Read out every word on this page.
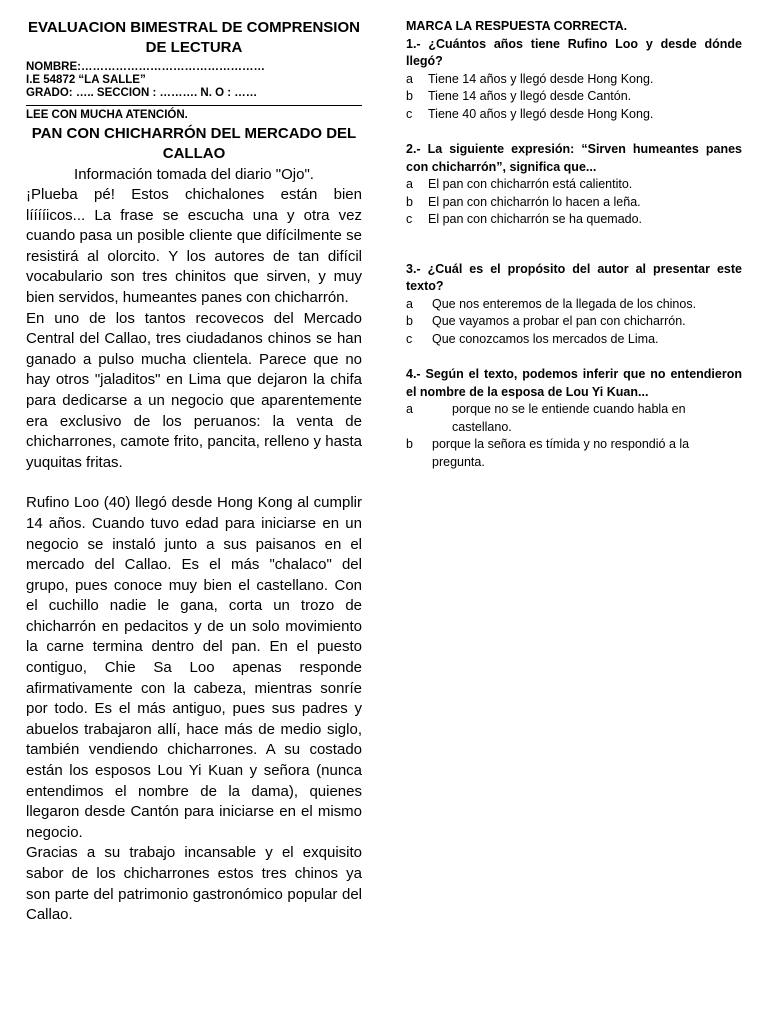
EVALUACION BIMESTRAL DE COMPRENSION DE LECTURA

NOMBRE:…………………………………………

I.E 54872 “LA SALLE”

GRADO: ….. SECCION : ………. N. O : ……

LEE CON MUCHA ATENCIÓN.

PAN CON CHICHARRÓN DEL MERCADO DEL CALLAO

Información tomada del diario "Ojo".

¡Plueba pé! Estos chichalones están bien lííííicos... La frase se escucha una y otra vez cuando pasa un posible cliente que difícilmente se resistirá al olorcito. Y los autores de tan difícil vocabulario son tres chinitos que sirven, y muy bien servidos, humeantes panes con chicharrón.

En uno de los tantos recovecos del Mercado Central del Callao, tres ciudadanos chinos se han ganado a pulso mucha clientela. Parece que no hay otros "jaladitos" en Lima que dejaron la chifa para dedicarse a un negocio que aparentemente era exclusivo de los peruanos: la venta de chicharrones, camote frito, pancita, relleno y hasta yuquitas fritas.

Rufino Loo (40) llegó desde Hong Kong al cumplir 14 años. Cuando tuvo edad para iniciarse en un negocio se instaló junto a sus paisanos en el mercado del Callao. Es el más "chalaco" del grupo, pues conoce muy bien el castellano. Con el cuchillo nadie le gana, corta un trozo de chicharrón en pedacitos y de un solo movimiento la carne termina dentro del pan. En el puesto contiguo, Chie Sa Loo apenas responde afirmativamente con la cabeza, mientras sonríe por todo. Es el más antiguo, pues sus padres y abuelos trabajaron allí, hace más de medio siglo, también vendiendo chicharrones. A su costado están los esposos Lou Yi Kuan y señora (nunca entendimos el nombre de la dama), quienes llegaron desde Cantón para iniciarse en el mismo negocio.

Gracias a su trabajo incansable y el exquisito sabor de los chicharrones estos tres chinos ya son parte del patrimonio gastronómico popular del Callao.

MARCA LA RESPUESTA CORRECTA.

1.- ¿Cuántos años tiene Rufino Loo y desde dónde llegó?

a	Tiene 14 años y llegó desde Hong Kong.
b	Tiene 14 años y llegó desde Cantón.
c	Tiene 40 años y llegó desde Hong Kong.

2.- La siguiente expresión: “Sirven humeantes panes con chicharrón”, significa que...

a	El pan con chicharrón está calientito.
b	El pan con chicharrón lo hacen a leña.
c	El pan con chicharrón se ha quemado.

3.- ¿Cuál es el propósito del autor al presentar este texto?

a	Que nos enteremos de la llegada de los chinos.
b	Que vayamos a probar el pan con chicharrón.
c	Que conozcamos los mercados de Lima.

4.- Según el texto, podemos inferir que no entendieron el nombre de la esposa de Lou Yi Kuan...

a	porque no se le entiende cuando habla en castellano.
b	porque la señora es tímida y no respondió a la pregunta.
